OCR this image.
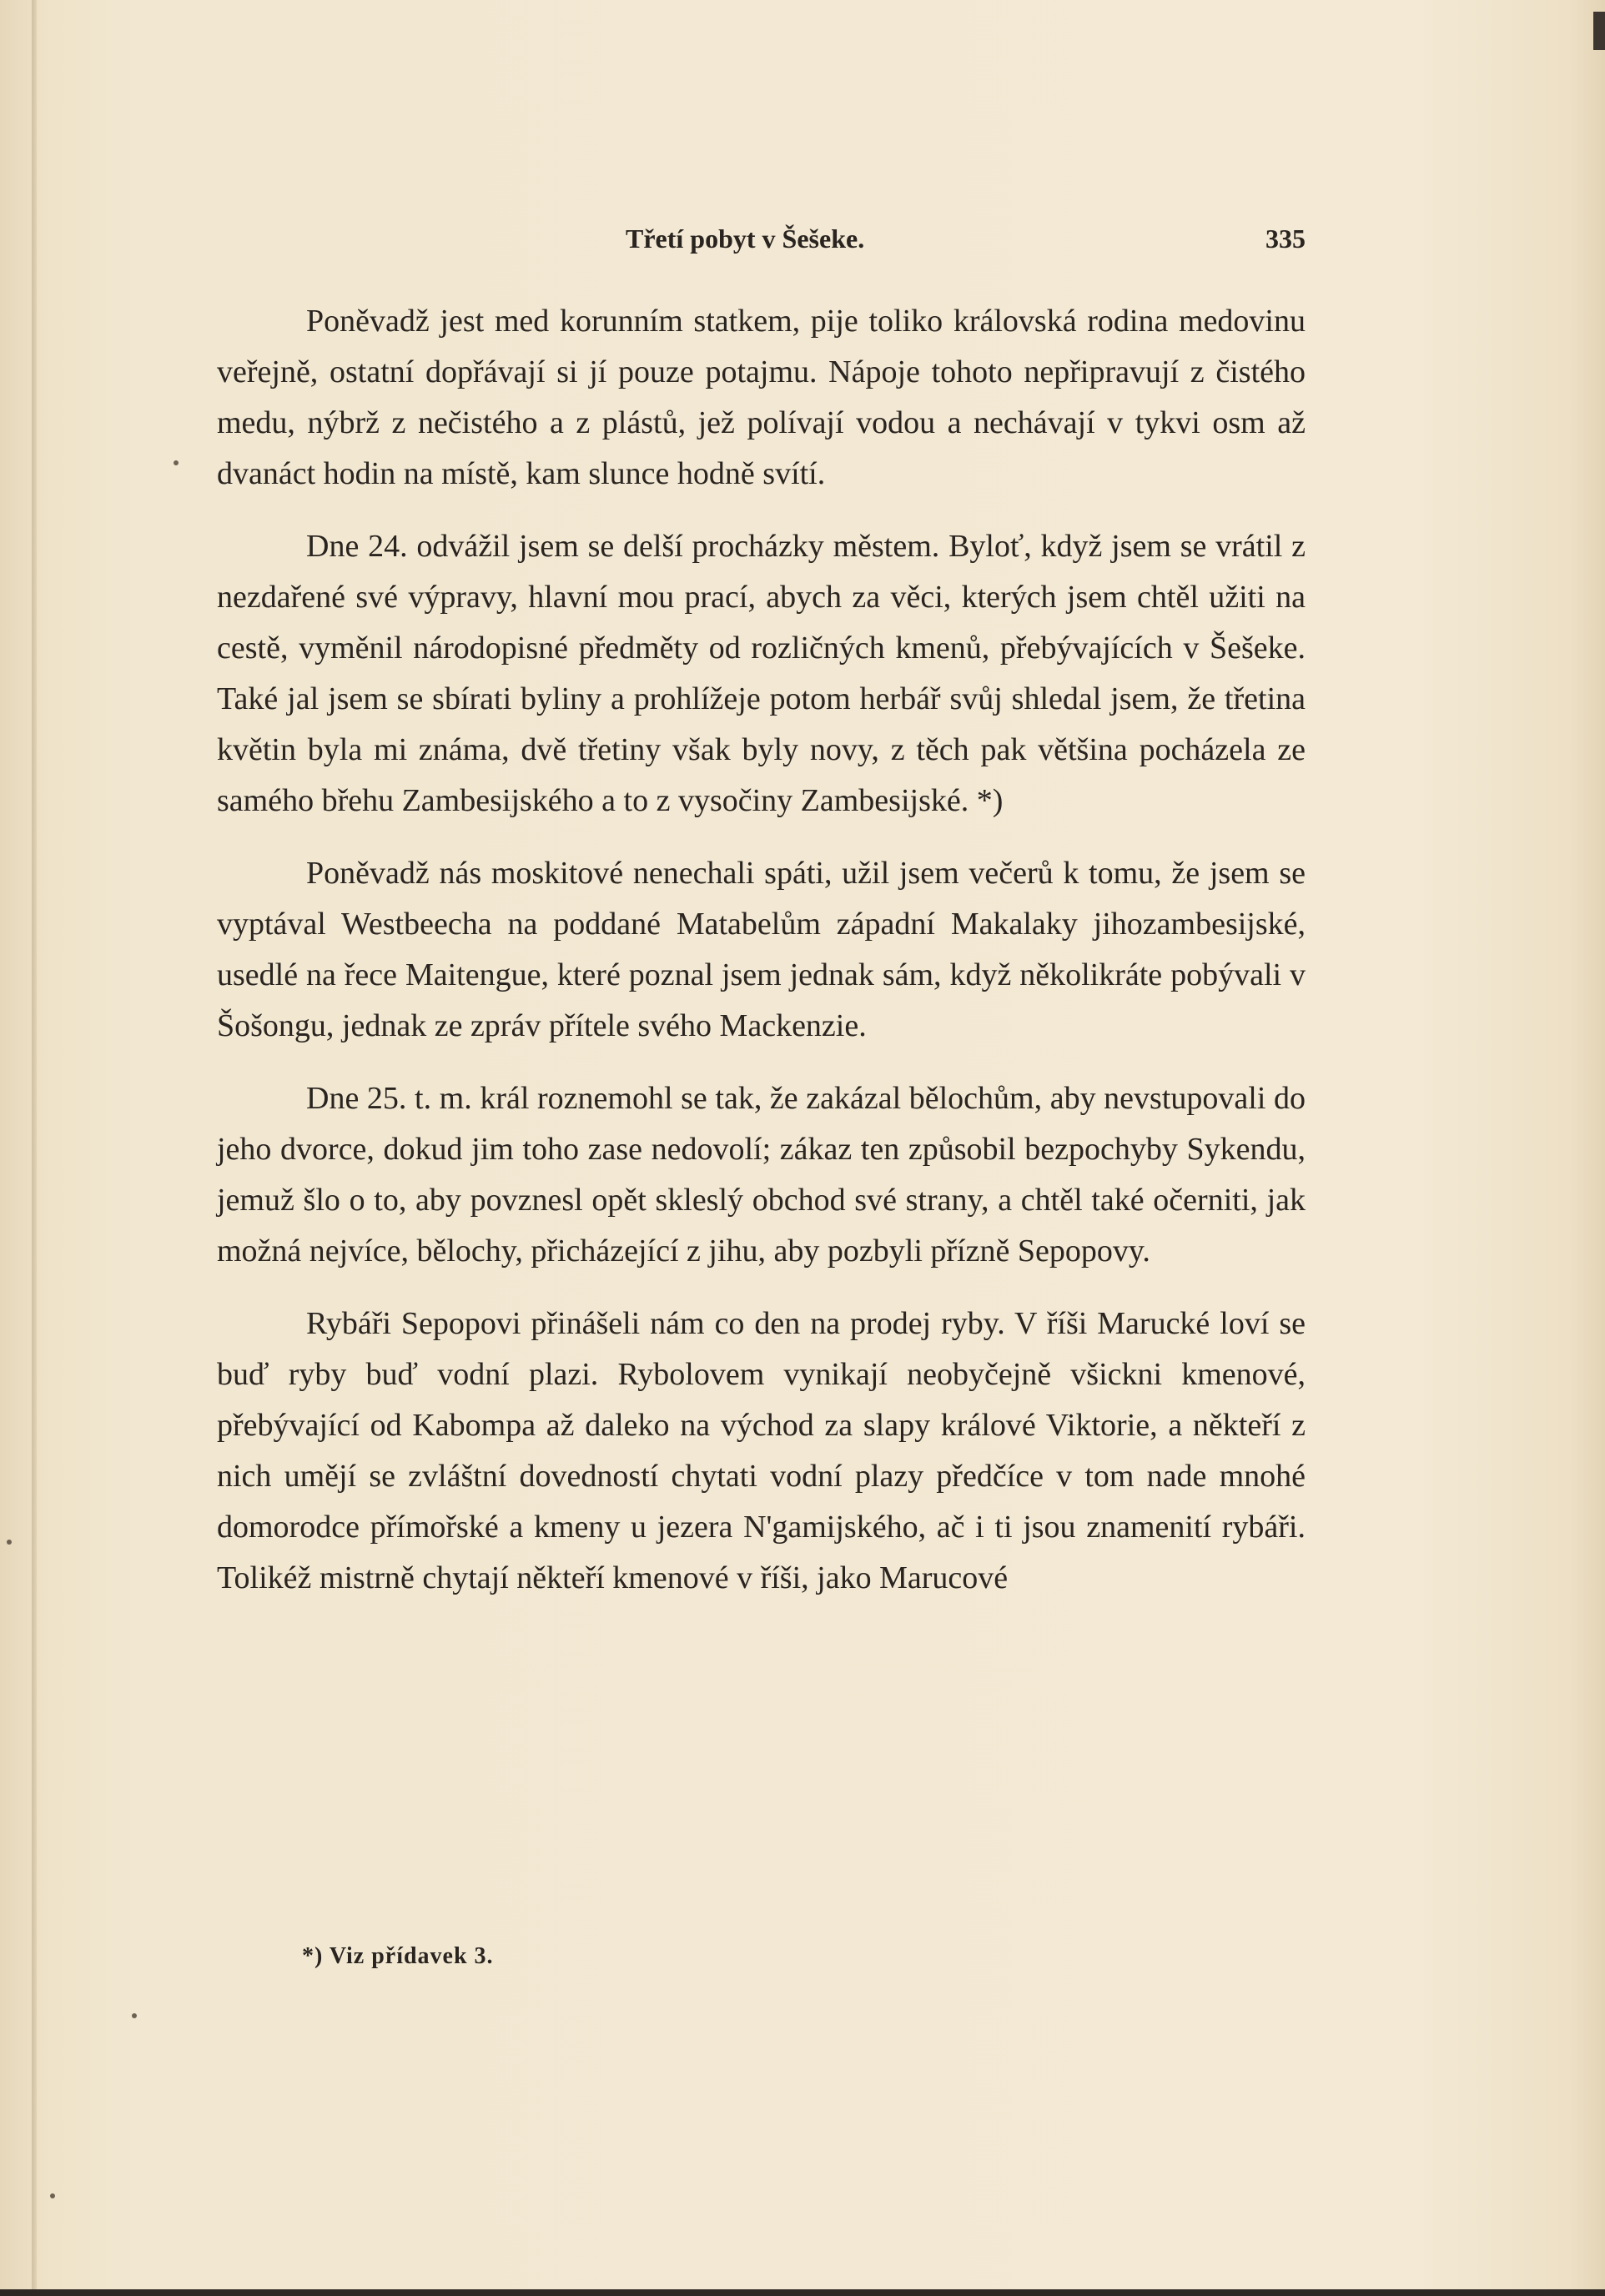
Třetí pobyt v Šešeke.	335

Poněvadž jest med korunním statkem, pije toliko královská rodina medovinu veřejně, ostatní dopřávají si jí pouze potajmu. Nápoje tohoto nepřipravují z čistého medu, nýbrž z nečistého a z plástů, jež polívají vodou a nechávají v tykvi osm až dvanáct hodin na místě, kam slunce hodně svítí.

Dne 24. odvážil jsem se delší procházky městem. Byloť, když jsem se vrátil z nezdařené své výpravy, hlavní mou prací, abych za věci, kterých jsem chtěl užiti na cestě, vyměnil národopisné předměty od rozličných kmenů, přebývajících v Šešeke. Také jal jsem se sbírati byliny a prohlížeje potom herbář svůj shledal jsem, že třetina květin byla mi známa, dvě třetiny však byly novy, z těch pak většina pocházela ze samého břehu Zambesijského a to z vysočiny Zambesijské. *)

Poněvadž nás moskitové nenechali spáti, užil jsem večerů k tomu, že jsem se vyptával Westbeecha na poddané Matabelům západní Makalaky jihozambesijské, usedlé na řece Maitengue, které poznal jsem jednak sám, když několikráte pobývali v Šošongu, jednak ze zpráv přítele svého Mackenzie.

Dne 25. t. m. král roznemohl se tak, že zakázal bělochům, aby nevstupovali do jeho dvorce, dokud jim toho zase nedovolí; zákaz ten způsobil bezpochyby Sykendu, jemuž šlo o to, aby povznesl opět skleslý obchod své strany, a chtěl také očerniti, jak možná nejvíce, bělochy, přicházející z jihu, aby pozbyli přízně Sepopovy.

Rybáři Sepopovi přinášeli nám co den na prodej ryby. V říši Marucké loví se buď ryby buď vodní plazi. Rybolovem vynikají neobyčejně všickni kmenové, přebývající od Kabompa až daleko na východ za slapy králové Viktorie, a někteří z nich umějí se zvláštní dovedností chytati vodní plazy předčíce v tom nade mnohé domorodce přímořské a kmeny u jezera N'gamijského, ač i ti jsou znamenití rybáři. Tolikéž mistrně chytají někteří kmenové v říši, jako Marucové

*) Viz přídavek 3.
